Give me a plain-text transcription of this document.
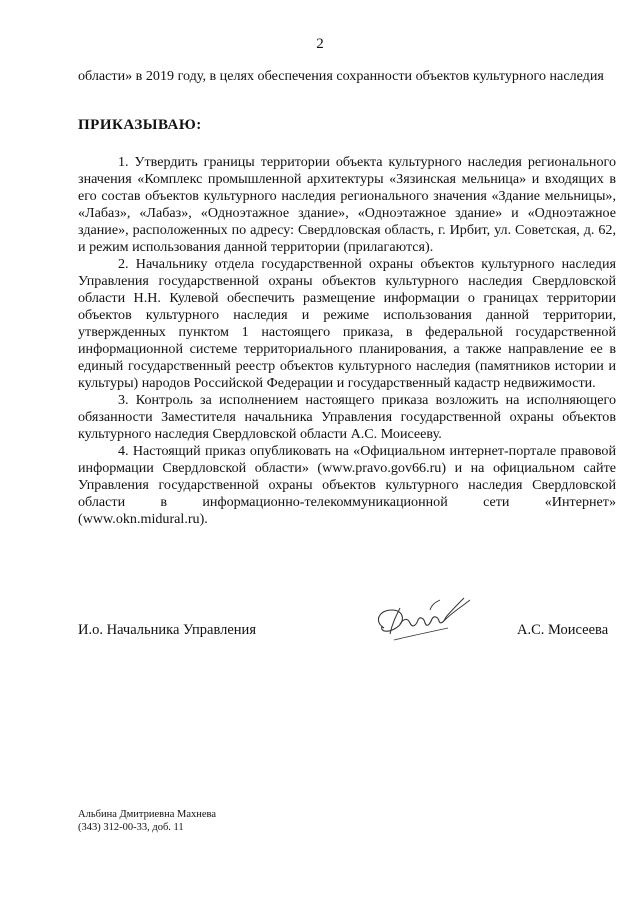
2
области» в 2019 году, в целях обеспечения сохранности объектов культурного наследия
ПРИКАЗЫВАЮ:

1. Утвердить границы территории объекта культурного наследия регионального значения «Комплекс промышленной архитектуры «Зязинская мельница» и входящих в его состав объектов культурного наследия регионального значения «Здание мельницы», «Лабаз», «Лабаз», «Одноэтажное здание», «Одноэтажное здание» и «Одноэтажное здание», расположенных по адресу: Свердловская область, г. Ирбит, ул. Советская, д. 62, и режим использования данной территории (прилагаются).

2. Начальнику отдела государственной охраны объектов культурного наследия Управления государственной охраны объектов культурного наследия Свердловской области Н.Н. Кулевой обеспечить размещение информации о границах территории объектов культурного наследия и режиме использования данной территории, утвержденных пунктом 1 настоящего приказа, в федеральной государственной информационной системе территориального планирования, а также направление ее в единый государственный реестр объектов культурного наследия (памятников истории и культуры) народов Российской Федерации и государственный кадастр недвижимости.

3. Контроль за исполнением настоящего приказа возложить на исполняющего обязанности Заместителя начальника Управления государственной охраны объектов культурного наследия Свердловской области А.С. Моисееву.

4. Настоящий приказ опубликовать на «Официальном интернет-портале правовой информации Свердловской области» (www.pravo.gov66.ru) и на официальном сайте Управления государственной охраны объектов культурного наследия Свердловской области в информационно-телекоммуникационной сети «Интернет» (www.okn.midural.ru).

И.о. Начальника Управления	А.С. Моисеева
Альбина Дмитриевна Махнева
(343) 312-00-33, доб. 11
